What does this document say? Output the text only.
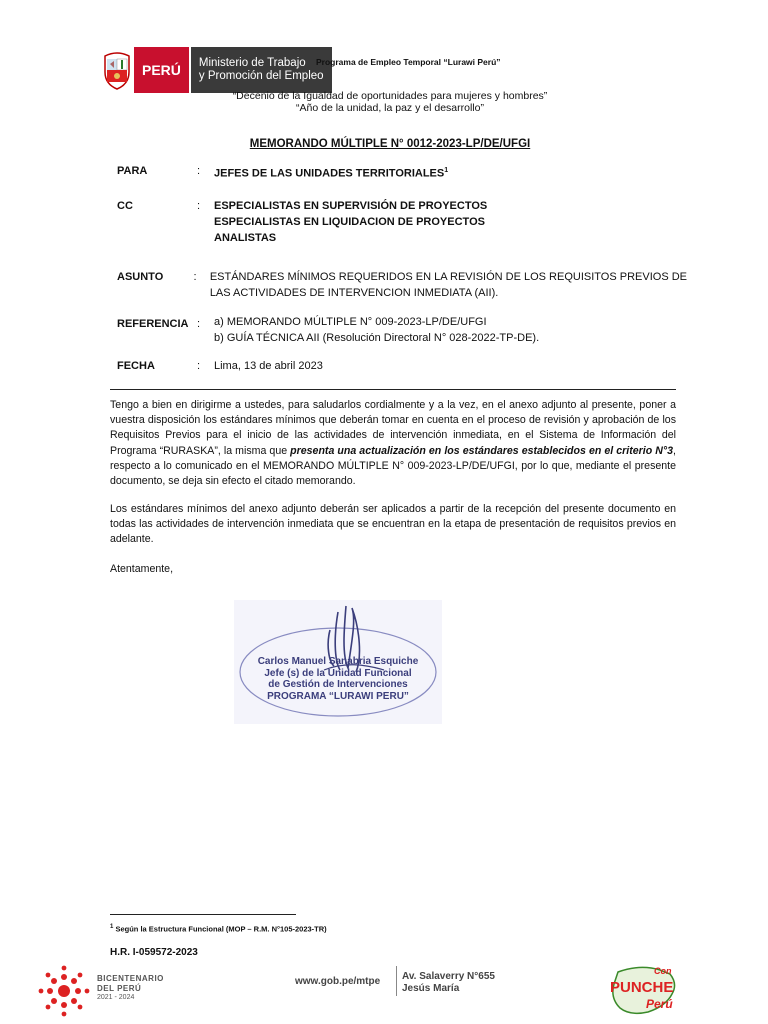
PERÚ	Ministerio de Trabajo
y Promoción del Empleo
Programa de Empleo Temporal “Lurawi Perú”
“Decenio de la Igualdad de oportunidades para mujeres y hombres”
“Año de la unidad, la paz y el desarrollo”
MEMORANDO MÚLTIPLE N° 0012-2023-LP/DE/UFGI
PARA	:	JEFES DE LAS UNIDADES TERRITORIALES$^1$
CC	:	ESPECIALISTAS EN SUPERVISIÓN DE PROYECTOS
ESPECIALISTAS EN LIQUIDACION DE PROYECTOS
ANALISTAS
ASUNTO	:	ESTÁNDARES MÍNIMOS REQUERIDOS EN LA REVISIÓN DE LOS REQUISITOS PREVIOS DE
LAS ACTIVIDADES DE INTERVENCION INMEDIATA (AII).
REFERENCIA :	a) MEMORANDO MÚLTIPLE N° 009-2023-LP/DE/UFGI
b) GUÍA TÉCNICA AII (Resolución Directoral N° 028-2022-TP-DE).
FECHA	:	Lima, 13 de abril 2023
Tengo a bien en dirigirme a ustedes, para saludarlos cordialmente y a la vez, en el anexo adjunto al presente, poner a vuestra disposición los estándares mínimos que deberán tomar en cuenta en el proceso de revisión y aprobación de los Requisitos Previos para el inicio de las actividades de intervención inmediata, en el Sistema de Información del Programa “RURASKA”, la misma que presenta una actualización en los estándares establecidos en el criterio N°3, respecto a lo comunicado en el MEMORANDO MÚLTIPLE N° 009-2023-LP/DE/UFGI, por lo que, mediante el presente documento, se deja sin efecto el citado memorando.
Los estándares mínimos del anexo adjunto deberán ser aplicados a partir de la recepción del presente documento en todas las actividades de intervención inmediata que se encuentran en la etapa de presentación de requisitos previos en adelante.
Atentamente,
Carlos Manuel Sanabria Esquiche
Jefe (s) de la Unidad Funcional
de Gestión de Intervenciones
PROGRAMA “LURAWI PERU”
$^1$ Según la Estructura Funcional (MOP – R.M. N°105-2023-TR)
H.R. I-059572-2023
BICENTENARIO
DEL PERÚ
2021 - 2024
www.gob.pe/mtpe Av. Salaverry N°655
Jesús María
Con
PUNCHE
Perú
